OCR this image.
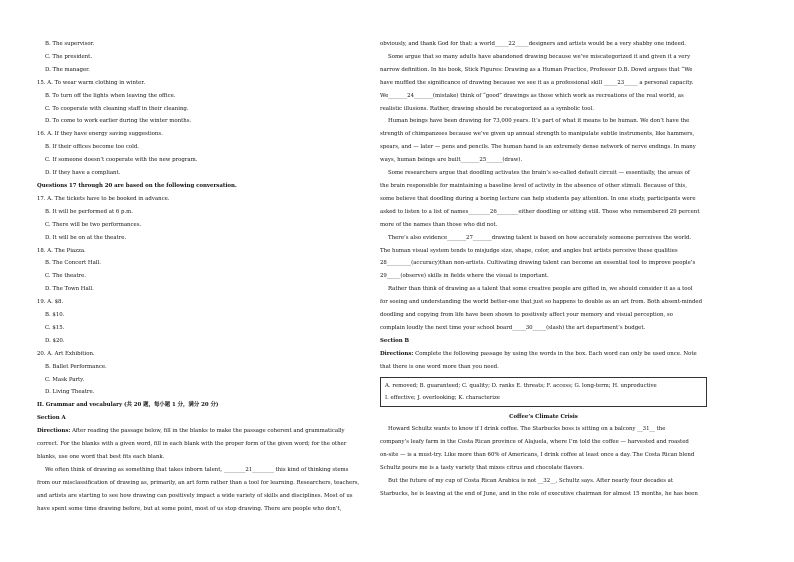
B. The supervisor.
C. The president.
D. The manager.
15. A. To wear warm clothing in winter.
B. To turn off the lights when leaving the office.
C. To cooperate with cleaning staff in their cleaning.
D. To come to work earlier during the winter months.
16. A. If they have energy saving suggestions.
B. If their offices become too cold.
C. If someone doesn’t cooperate with the new program.
D. If they have a compliant.
Questions 17 through 20 are based on the following conversation.
17. A. The tickets have to be booked in advance.
B. It will be performed at 6 p.m.
C. There will be two performances.
D. It will be on at the theatre.
18. A. The Piazza.
B. The Concert Hall.
C. The theatre.
D. The Town Hall.
19. A. $8.
B. $10.
C. $15.
D. $20.
20. A. Art Exhibition.
B. Ballet Performance.
C. Mask Party.
D. Living Theatre.
II. Grammar and vocabulary (共 20 题，每小题 1 分，满分 20 分)
Section A
Directions: After reading the passage below, fill in the blanks to make the passage coherent and grammatically
correct. For the blanks with a given word, fill in each blank with the proper form of the given word; for the other
blanks, use one word that best fits each blank.
We often think of drawing as something that takes inborn talent, ________21________ this kind of thinking stems
from our misclassification of drawing as, primarily, an art form rather than a tool for learning. Researchers, teachers,
and artists are starting to see how drawing can positively impact a wide variety of skills and disciplines. Most of us
have spent some time drawing before, but at some point, most of us stop drawing. There are people who don’t,
obviously, and thank God for that: a world_____22_____designers and artists would be a very shabby one indeed.
Some argue that so many adults have abandoned drawing because we’ve miscategorized it and given it a very
narrow definition. In his book, Stick Figures: Drawing as a Human Practice, Professor D.B. Dowd argues that “We
have muffled the significance of drawing because we see it as a professional skill _____23_____ a personal capacity.
We_______24_______(mistake) think of “good” drawings as those which work as recreations of the real world, as
realistic illusions. Rather, drawing should be recategorized as a symbolic tool.
Human beings have been drawing for 73,000 years. It’s part of what it means to be human. We don’t have the
strength of chimpanzees because we’ve given up annual strength to manipulate subtle instruments, like hammers,
spears, and — later — pens and pencils. The human hand is an extremely dense network of nerve endings. In many
ways, human beings are built_______25______(draw).
Some researchers argue that doodling activates the brain’s so-called default circuit — essentially, the areas of
the brain responsible for maintaining a baseline level of activity in the absence of other stimuli. Because of this,
some believe that doodling during a boring lecture can help students pay attention. In one study, participants were
asked to listen to a list of names________26________either doodling or sitting still. Those who remembered 29 percent
more of the names than those who did not.
There’s also evidence_______27_______drawing talent is based on how accurately someone perceives the world.
The human visual system tends to misjudge size, shape, color, and angles but artists perceive these qualities
28_________(accuracy)than non-artists. Cultivating drawing talent can become an essential tool to improve people’s
29_____(observe) skills in fields where the visual is important.
Rather than think of drawing as a talent that some creative people are gifted in, we should consider it as a tool
for seeing and understanding the world better-one that just so happens to double as an art from. Both absent-minded
doodling and copying from life have been shown to positively affect your memory and visual perception, so
complain loudly the next time your school board_____30_____(slash) the art department’s budget.
Section B
Directions: Complete the following passage by using the words in the box. Each word can only be used once. Note
that there is one word more than you need.
A. removed; B. guaranteed; C. quality; D. ranks E. threats; F. access; G. long-term; H. unproductive
I. effective; J. overlooking; K. characterize
Coffee’s Climate Crisis
Howard Schultz wants to know if I drink coffee. The Starbucks boss is sitting on a balcony __31__ the
company’s leafy farm in the Costa Rican province of Alajuela, where I’m told the coffee — harvested and roasted
on-site — is a must-try. Like more than 60% of Americans, I drink coffee at least once a day. The Costa Rican blend
Schultz pours me is a tasty variety that mixes citrus and chocolate flavors.
But the future of my cup of Costa Rican Arabica is not __32__, Schultz says. After nearly four decades at
Starbucks, he is leaving at the end of June, and in the role of executive chairman for almost 15 months, he has been
